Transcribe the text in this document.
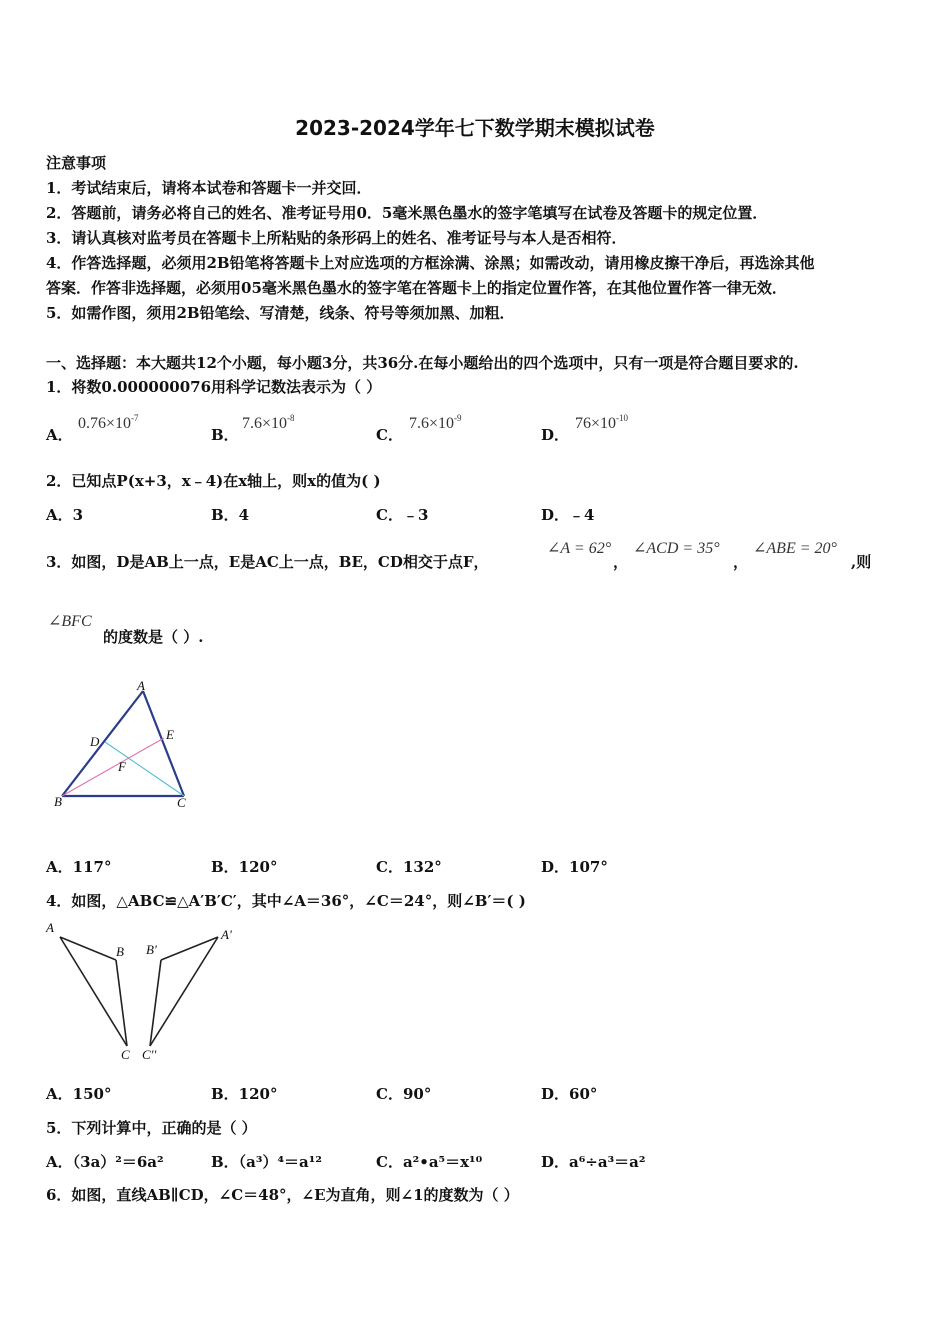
2023-2024学年七下数学期末模拟试卷
注意事项
1．考试结束后，请将本试卷和答题卡一并交回．
2．答题前，请务必将自己的姓名、准考证号用0．5毫米黑色墨水的签字笔填写在试卷及答题卡的规定位置．
3．请认真核对监考员在答题卡上所粘贴的条形码上的姓名、准考证号与本人是否相符．
4．作答选择题，必须用2B铅笔将答题卡上对应选项的方框涂满、涂黑；如需改动，请用橡皮擦干净后，再选涂其他
答案．作答非选择题，必须用05毫米黑色墨水的签字笔在答题卡上的指定位置作答，在其他位置作答一律无效．
5．如需作图，须用2B铅笔绘、写清楚，线条、符号等须加黑、加粗．
一、选择题：本大题共12个小题，每小题3分，共36分.在每小题给出的四个选项中，只有一项是符合题目要求的.
1．将数0.000000076用科学记数法表示为（ ）
A．
$0.76\times 10^{-7}$
B．
$7.6\times 10^{-8}$
C．
$7.6\times 10^{-9}$
D．
$76\times 10^{-10}$
2．已知点P(x+3，x﹣4)在x轴上，则x的值为( )
A．3	B．4	C．﹣3	D．﹣4
3．如图，D是AB上一点，E是AC上一点，BE，CD相交于点F，
∠A = 62°
，
∠ACD = 35°
，
∠ABE = 20°
,则
∠BFC
的度数是（ ）.
A
D	E
F
B	C
A．117°	B．120°	C．132°	D．107°
4．如图，△ABC≌△A′B′C′，其中∠A＝36°，∠C＝24°，则∠B′＝( )
A
B
C
B'
A'
C''
A．150°	B．120°	C．90°	D．60°
5．下列计算中，正确的是（ ）
A．（3a）²＝6a²	B．（a³）⁴＝a¹²	C．a²•a⁵＝x¹⁰	D．a⁶÷a³＝a²
6．如图，直线AB∥CD，∠C＝48°，∠E为直角，则∠1的度数为（ ）
